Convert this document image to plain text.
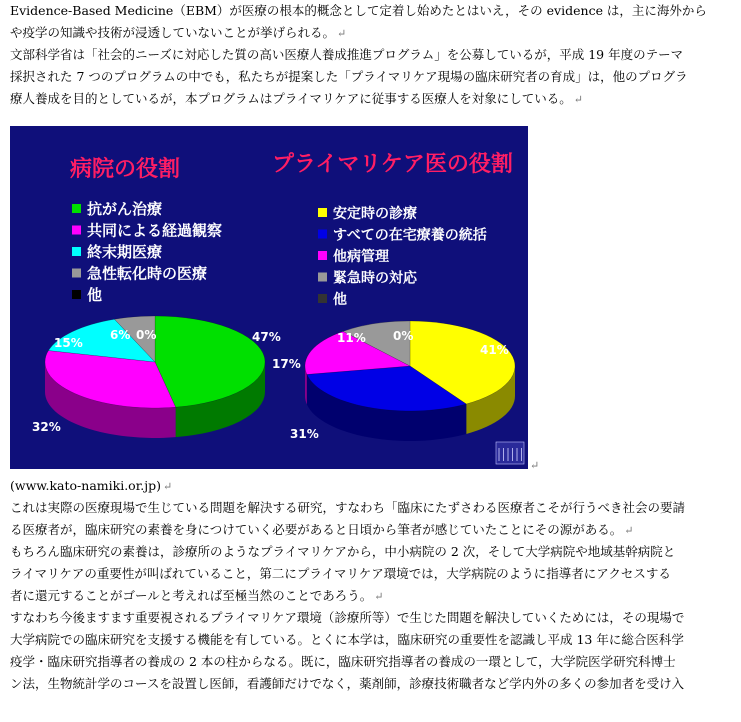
Evidence-Based Medicine（EBM）が医療の根本的概念として定着し始めたとはいえ，その evidence は，主に海外から
や疫学の知識や技術が浸透していないことが挙げられる。 ↵
文部科学省は「社会的ニーズに対応した質の高い医療人養成推進プログラム」を公募しているが，平成 19 年度のテーマ
採択された 7 つのプログラムの中でも，私たちが提案した「プライマリケア現場の臨床研究者の育成」は，他のプログラ
療人養成を目的としているが，本プログラムはプライマリケアに従事する医療人を対象にしている。 ↵
病院の役割
抗がん治療
共同による経過観察
終末期医療
急性転化時の医療
他
47%
32%
15%
6% 0%
プライマリケア医の役割
安定時の診療
すべての在宅療養の統括
他病管理
緊急時の対応
他
41%
31%
17%
11% 0%
↵
(www.kato-namiki.or.jp) ↵
これは実際の医療現場で生じている問題を解決する研究，すなわち「臨床にたずさわる医療者こそが行うべき社会の要請
る医療者が，臨床研究の素養を身につけていく必要があると日頃から筆者が感じていたことにその源がある。 ↵
もちろん臨床研究の素養は，診療所のようなプライマリケアから，中小病院の 2 次，そして大学病院や地域基幹病院と
ライマリケアの重要性が叫ばれていること，第二にプライマリケア環境では，大学病院のように指導者にアクセスする
者に還元することがゴールと考えれば至極当然のことであろう。 ↵
すなわち今後ますます重要視されるプライマリケア環境（診療所等）で生じた問題を解決していくためには，その現場で
大学病院での臨床研究を支援する機能を有している。とくに本学は，臨床研究の重要性を認識し平成 13 年に総合医科学
疫学・臨床研究指導者の養成の 2 本の柱からなる。既に，臨床研究指導者の養成の一環として，大学院医学研究科博士
ン法，生物統計学のコースを設置し医師，看護師だけでなく，薬剤師，診療技術職者など学内外の多くの参加者を受け入
